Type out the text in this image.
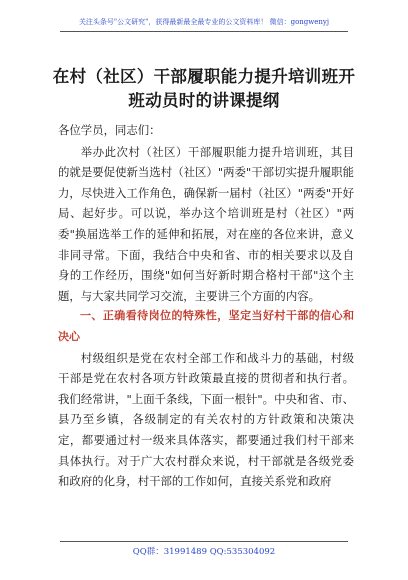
关注头条号"公文研究"，获得最新最全最专业的公文资料库！ 微信：gongwenyj
在村（社区）干部履职能力提升培训班开
班动员时的讲课提纲

各位学员，同志们：

举办此次村（社区）干部履职能力提升培训班，其目的就是要促使新当选村（社区）"两委"干部切实提升履职能力，尽快进入工作角色，确保新一届村（社区）"两委"开好局、起好步。可以说，举办这个培训班是村（社区）"两委"换届选举工作的延伸和拓展，对在座的各位来讲，意义非同寻常。下面，我结合中央和省、市的相关要求以及自身的工作经历，围绕"如何当好新时期合格村干部"这个主题，与大家共同学习交流，主要讲三个方面的内容。

一、正确看待岗位的特殊性，坚定当好村干部的信心和决心

村级组织是党在农村全部工作和战斗力的基础，村级干部是党在农村各项方针政策最直接的贯彻者和执行者。我们经常讲，"上面千条线，下面一根针"。中央和省、市、县乃至乡镇，各级制定的有关农村的方针政策和决策决定，都要通过村一级来具体落实，都要通过我们村干部来具体执行。对于广大农村群众来说，村干部就是各级党委和政府的化身，村干部的工作如何，直接关系党和政府

QQ群：31991489 QQ:535304092
